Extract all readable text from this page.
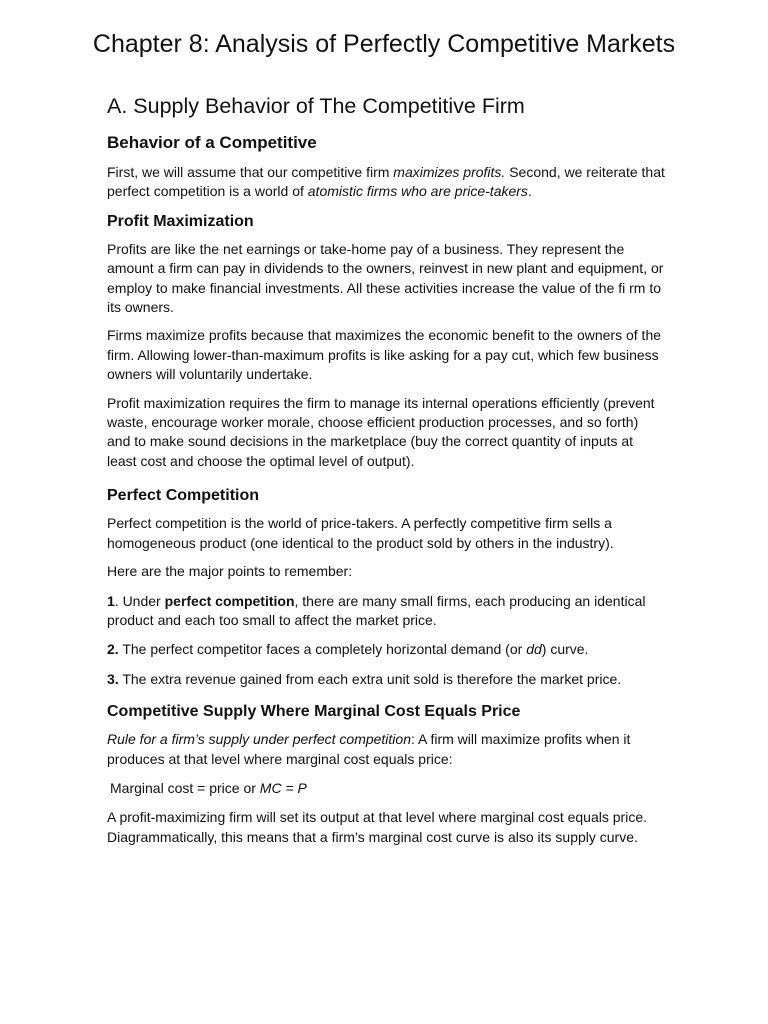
Chapter 8: Analysis of Perfectly Competitive Markets
A. Supply Behavior of The Competitive Firm
Behavior of a Competitive

First, we will assume that our competitive firm maximizes profits. Second, we reiterate that perfect competition is a world of atomistic firms who are price-takers.

Profit Maximization

Profits are like the net earnings or take-home pay of a business. They represent the amount a firm can pay in dividends to the owners, reinvest in new plant and equipment, or employ to make financial investments. All these activities increase the value of the fi rm to its owners.

Firms maximize profits because that maximizes the economic benefit to the owners of the firm. Allowing lower-than-maximum profits is like asking for a pay cut, which few business owners will voluntarily undertake.

Profit maximization requires the firm to manage its internal operations efficiently (prevent waste, encourage worker morale, choose efficient production processes, and so forth) and to make sound decisions in the marketplace (buy the correct quantity of inputs at least cost and choose the optimal level of output).

Perfect Competition

Perfect competition is the world of price-takers. A perfectly competitive firm sells a homogeneous product (one identical to the product sold by others in the industry).

Here are the major points to remember:

1. Under perfect competition, there are many small firms, each producing an identical product and each too small to affect the market price.

2. The perfect competitor faces a completely horizontal demand (or dd) curve.

3. The extra revenue gained from each extra unit sold is therefore the market price.

Competitive Supply Where Marginal Cost Equals Price

Rule for a firm’s supply under perfect competition: A firm will maximize profits when it produces at that level where marginal cost equals price:

Marginal cost = price or MC = P

A profit-maximizing firm will set its output at that level where marginal cost equals price. Diagrammatically, this means that a firm’s marginal cost curve is also its supply curve.
